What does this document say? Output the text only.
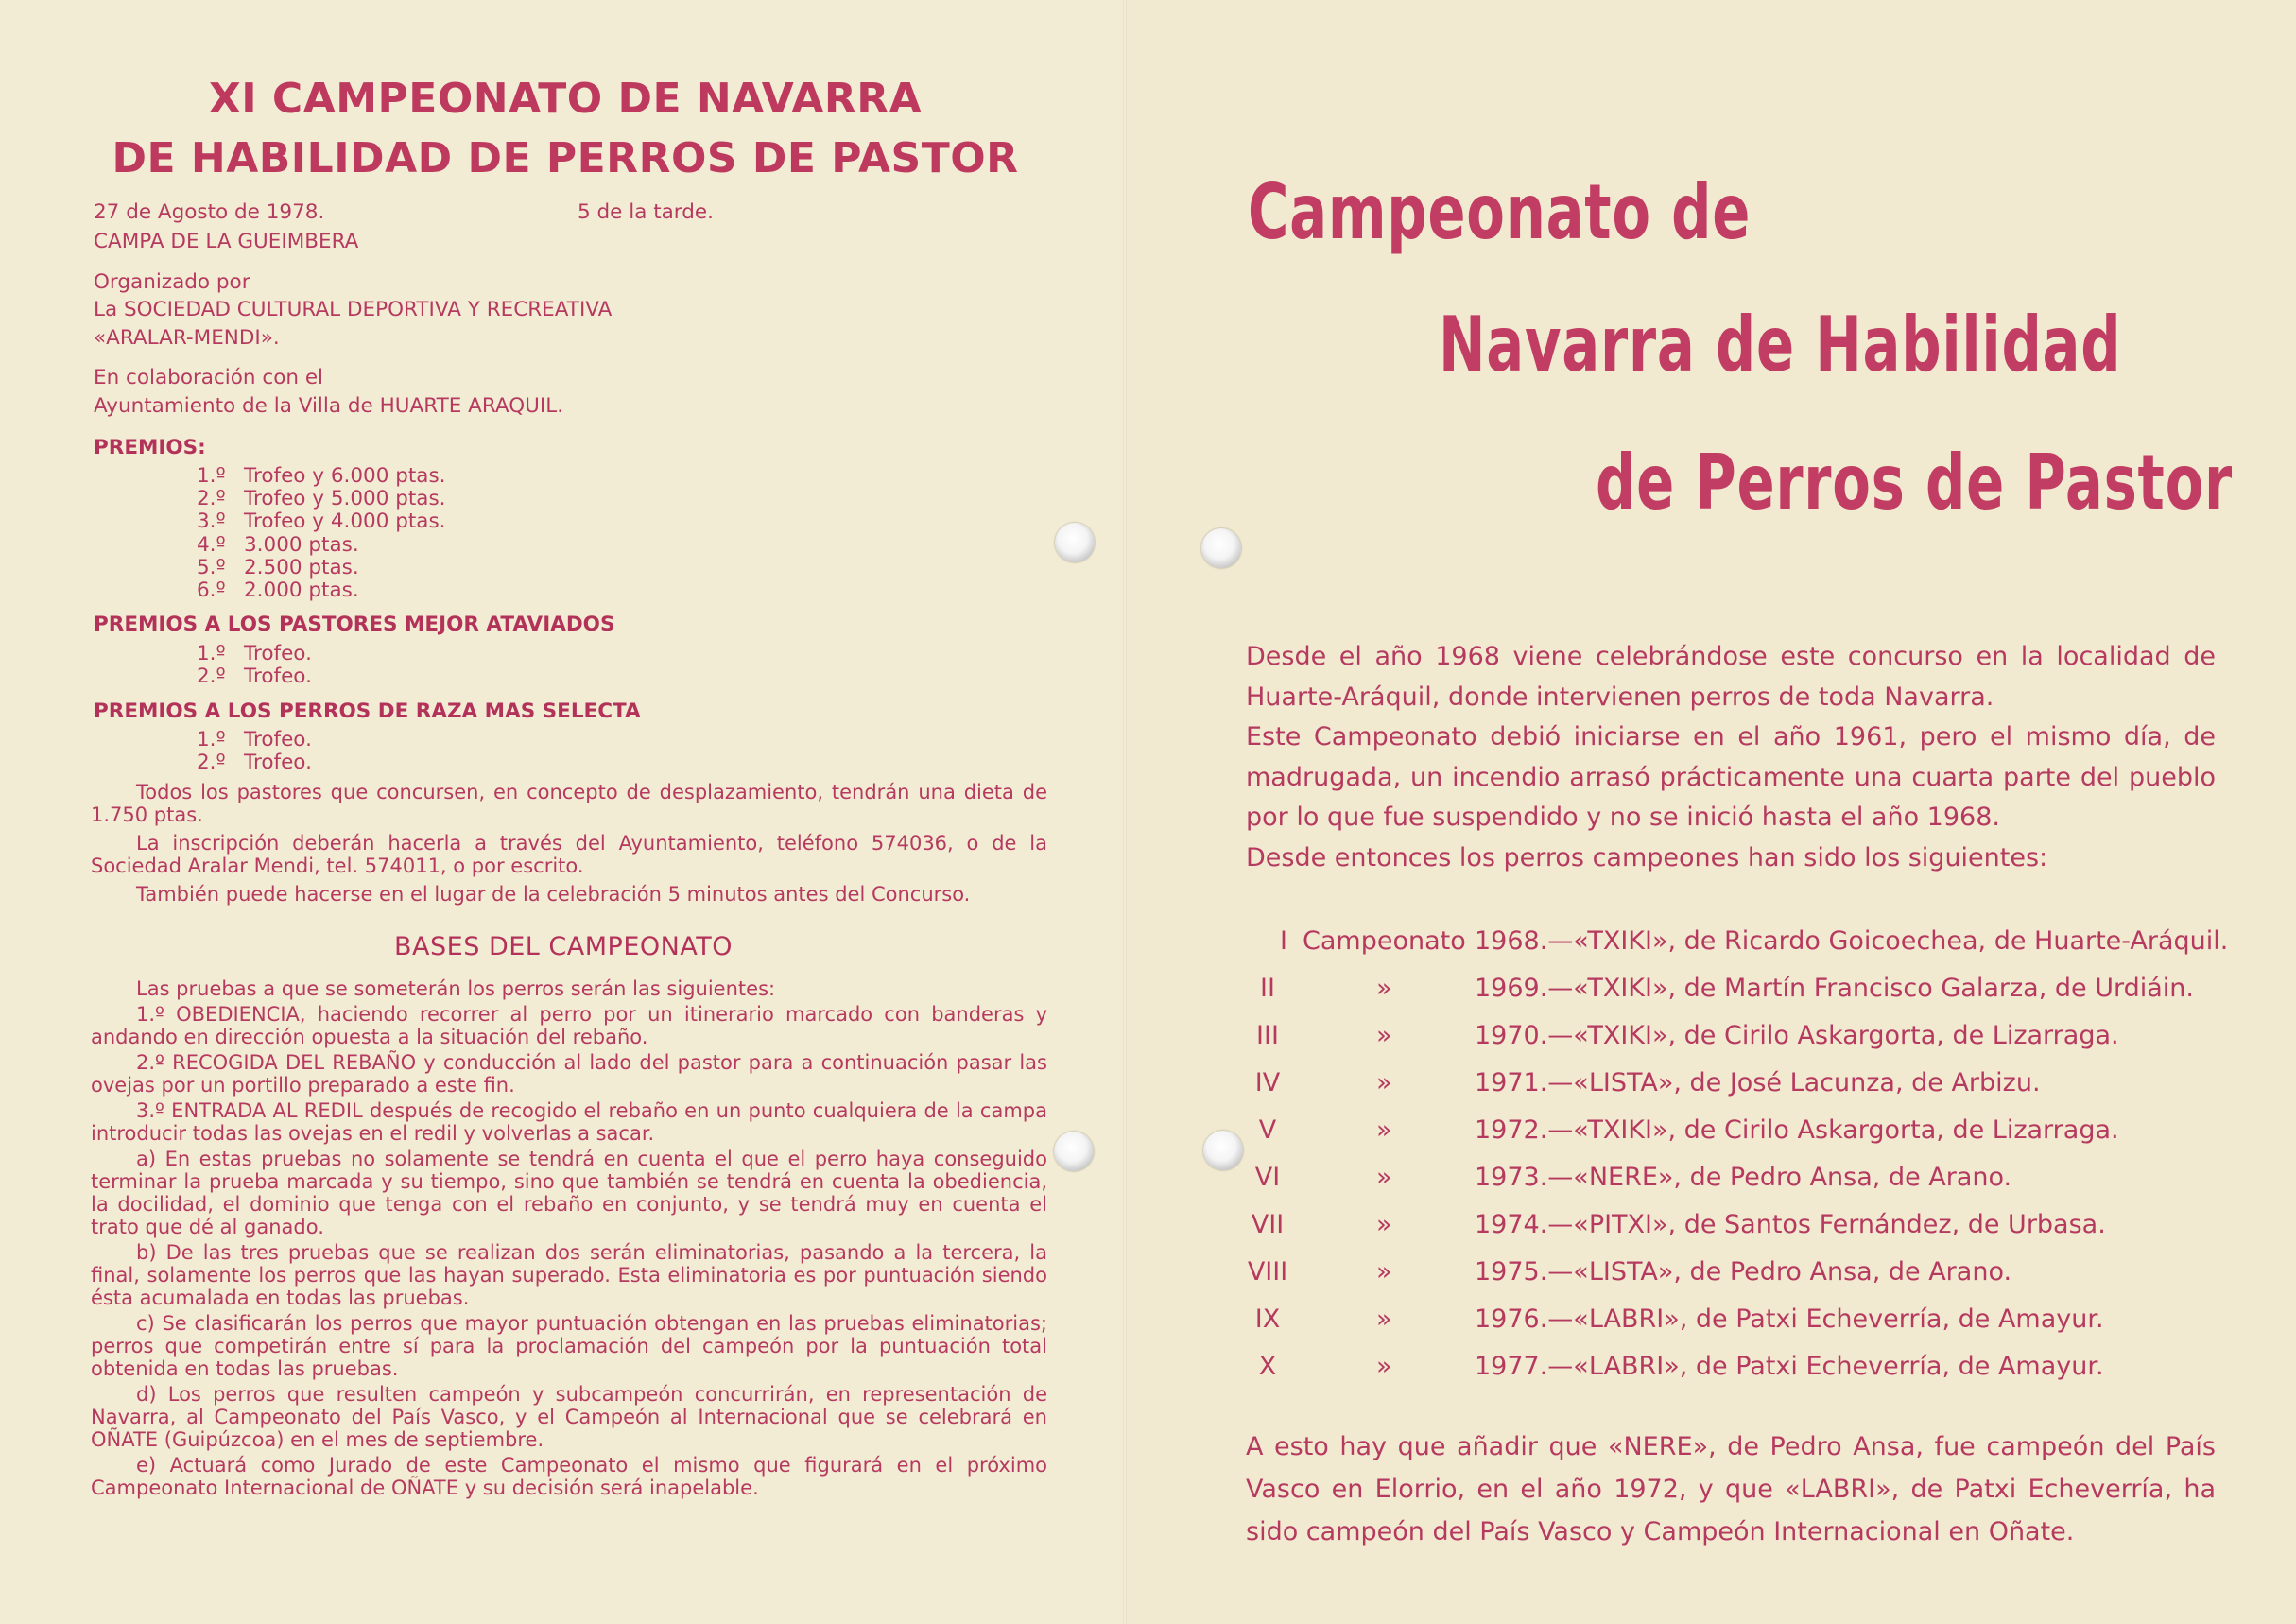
XI CAMPEONATO DE NAVARRA
DE HABILIDAD DE PERROS DE PASTOR
27 de Agosto de 1978.	5 de la tarde.
CAMPA DE LA GUEIMBERA
Organizado por
La SOCIEDAD CULTURAL DEPORTIVA Y RECREATIVA
«ARALAR-MENDI».
En colaboración con el
Ayuntamiento de la Villa de HUARTE ARAQUIL.
PREMIOS:
1.º Trofeo y 6.000 ptas.
2.º Trofeo y 5.000 ptas.
3.º Trofeo y 4.000 ptas.
4.º 3.000 ptas.
5.º 2.500 ptas.
6.º 2.000 ptas.
PREMIOS A LOS PASTORES MEJOR ATAVIADOS
1.º Trofeo.
2.º Trofeo.
PREMIOS A LOS PERROS DE RAZA MAS SELECTA
1.º Trofeo.
2.º Trofeo.

Todos los pastores que concursen, en concepto de desplazamiento, tendrán una dieta de 1.750 ptas.

La inscripción deberán hacerla a través del Ayuntamiento, teléfono 574036, o de la Sociedad Aralar Mendi, tel. 574011, o por escrito.

También puede hacerse en el lugar de la celebración 5 minutos antes del Concurso.

BASES DEL CAMPEONATO

Las pruebas a que se someterán los perros serán las siguientes:

1.º OBEDIENCIA, haciendo recorrer al perro por un itinerario marcado con banderas y andando en dirección opuesta a la situación del rebaño.

2.º RECOGIDA DEL REBAÑO y conducción al lado del pastor para a continuación pasar las ovejas por un portillo preparado a este fin.

3.º ENTRADA AL REDIL después de recogido el rebaño en un punto cualquiera de la campa introducir todas las ovejas en el redil y volverlas a sacar.

a) En estas pruebas no solamente se tendrá en cuenta el que el perro haya conseguido terminar la prueba marcada y su tiempo, sino que también se tendrá en cuenta la obediencia, la docilidad, el dominio que tenga con el rebaño en conjunto, y se tendrá muy en cuenta el trato que dé al ganado.

b) De las tres pruebas que se realizan dos serán eliminatorias, pasando a la tercera, la final, solamente los perros que las hayan superado. Esta eliminatoria es por puntuación siendo ésta acumalada en todas las pruebas.

c) Se clasificarán los perros que mayor puntuación obtengan en las pruebas eliminatorias; perros que competirán entre sí para la proclamación del campeón por la puntuación total obtenida en todas las pruebas.

d) Los perros que resulten campeón y subcampeón concurrirán, en representación de Navarra, al Campeonato del País Vasco, y el Campeón al Internacional que se celebrará en OÑATE (Guipúzcoa) en el mes de septiembre.

e) Actuará como Jurado de este Campeonato el mismo que figurará en el próximo Campeonato Internacional de OÑATE y su decisión será inapelable.

Campeonato de
Navarra de Habilidad
de Perros de Pastor

Desde el año 1968 viene celebrándose este concurso en la localidad de Huarte-Aráquil, donde intervienen perros de toda Navarra.

Este Campeonato debió iniciarse en el año 1961, pero el mismo día, de madrugada, un incendio arrasó prácticamente una cuarta parte del pueblo por lo que fue suspendido y no se inició hasta el año 1968.

Desde entonces los perros campeones han sido los siguientes:

I Campeonato 1968.—«TXIKI», de Ricardo Goicoechea, de Huarte-Aráquil.
II	»	1969.—«TXIKI», de Martín Francisco Galarza, de Urdiáin.
III	»	1970.—«TXIKI», de Cirilo Askargorta, de Lizarraga.
IV	»	1971.—«LISTA», de José Lacunza, de Arbizu.
V	»	1972.—«TXIKI», de Cirilo Askargorta, de Lizarraga.
VI	»	1973.—«NERE», de Pedro Ansa, de Arano.
VII	»	1974.—«PITXI», de Santos Fernández, de Urbasa.
VIII	»	1975.—«LISTA», de Pedro Ansa, de Arano.
IX	»	1976.—«LABRI», de Patxi Echeverría, de Amayur.
X	»	1977.—«LABRI», de Patxi Echeverría, de Amayur.

A esto hay que añadir que «NERE», de Pedro Ansa, fue campeón del País Vasco en Elorrio, en el año 1972, y que «LABRI», de Patxi Echeverría, ha sido campeón del País Vasco y Campeón Internacional en Oñate.
